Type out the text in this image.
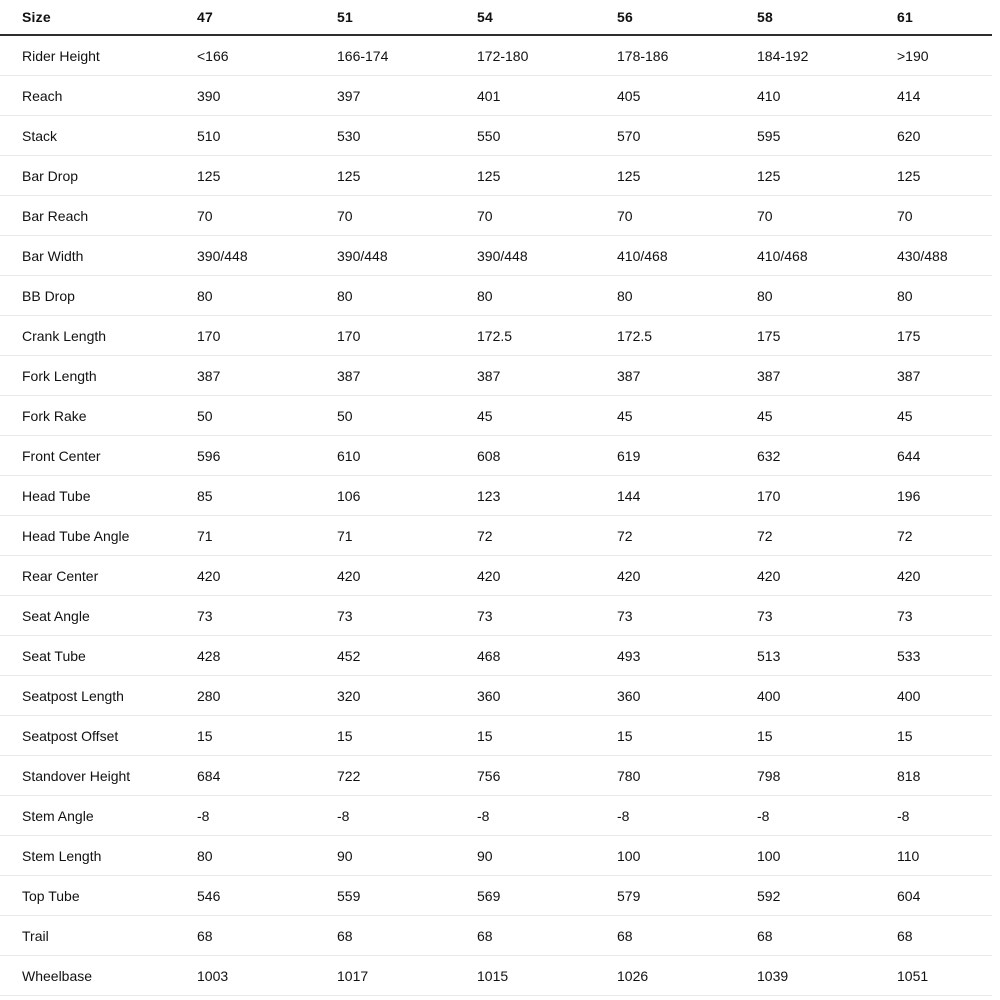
Size	47	51	54	56	58	61
Rider Height	<166	166-174	172-180	178-186	184-192	>190
Reach	390	397	401	405	410	414
Stack	510	530	550	570	595	620
Bar Drop	125	125	125	125	125	125
Bar Reach	70	70	70	70	70	70
Bar Width	390/448	390/448	390/448	410/468	410/468	430/488
BB Drop	80	80	80	80	80	80
Crank Length	170	170	172.5	172.5	175	175
Fork Length	387	387	387	387	387	387
Fork Rake	50	50	45	45	45	45
Front Center	596	610	608	619	632	644
Head Tube	85	106	123	144	170	196
Head Tube Angle	71	71	72	72	72	72
Rear Center	420	420	420	420	420	420
Seat Angle	73	73	73	73	73	73
Seat Tube	428	452	468	493	513	533
Seatpost Length	280	320	360	360	400	400
Seatpost Offset	15	15	15	15	15	15
Standover Height	684	722	756	780	798	818
Stem Angle	-8	-8	-8	-8	-8	-8
Stem Length	80	90	90	100	100	110
Top Tube	546	559	569	579	592	604
Trail	68	68	68	68	68	68
Wheelbase	1003	1017	1015	1026	1039	1051
